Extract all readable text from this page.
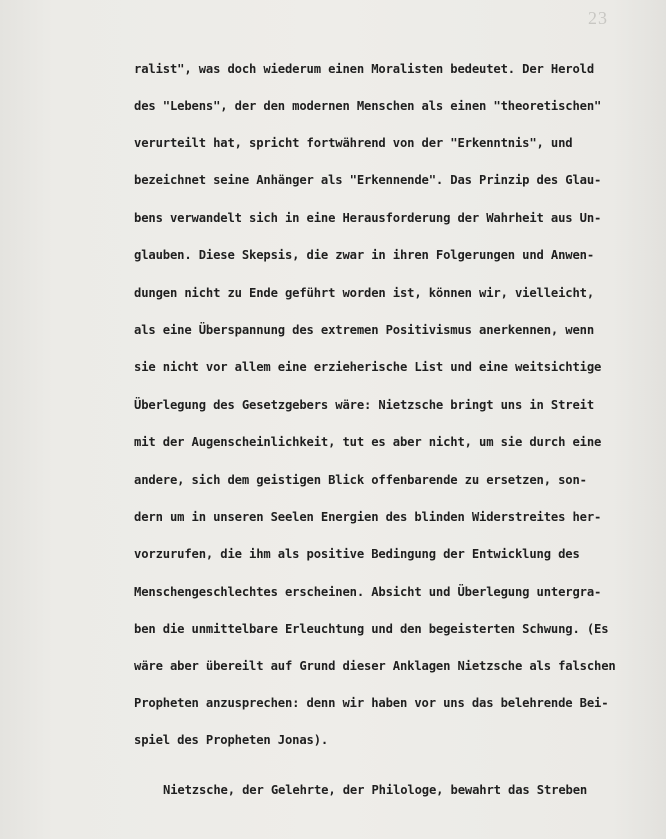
23
ralist", was doch wiederum einen Moralisten bedeutet. Der Herold
des "Lebens", der den modernen Menschen als einen "theoretischen"
verurteilt hat, spricht fortwährend von der "Erkenntnis", und
bezeichnet seine Anhänger als "Erkennende". Das Prinzip des Glau-
bens verwandelt sich in eine Herausforderung der Wahrheit aus Un-
glauben. Diese Skepsis, die zwar in ihren Folgerungen und Anwen-
dungen nicht zu Ende geführt worden ist, können wir, vielleicht,
als eine Überspannung des extremen Positivismus anerkennen, wenn
sie nicht vor allem eine erzieherische List und eine weitsichtige
Überlegung des Gesetzgebers wäre: Nietzsche bringt uns in Streit
mit der Augenscheinlichkeit, tut es aber nicht, um sie durch eine
andere, sich dem geistigen Blick offenbarende zu ersetzen, son-
dern um in unseren Seelen Energien des blinden Widerstreites her-
vorzurufen, die ihm als positive Bedingung der Entwicklung des
Menschengeschlechtes erscheinen. Absicht und Überlegung untergra-
ben die unmittelbare Erleuchtung und den begeisterten Schwung. (Es
wäre aber übereilt auf Grund dieser Anklagen Nietzsche als falschen
Propheten anzusprechen: denn wir haben vor uns das belehrende Bei-
spiel des Propheten Jonas).
Nietzsche, der Gelehrte, der Philologe, bewahrt das Streben
